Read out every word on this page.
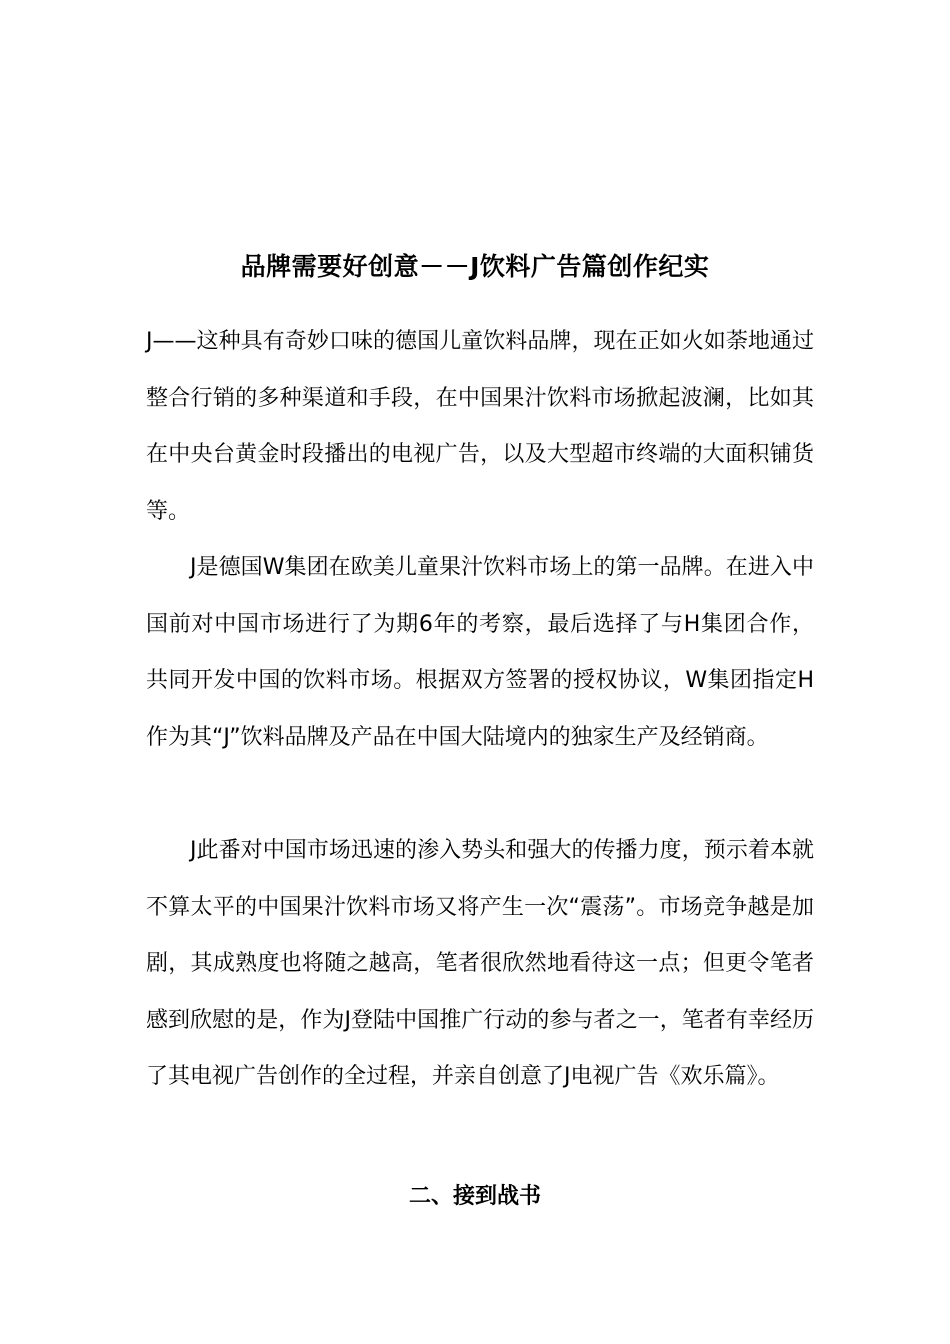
品牌需要好创意－－J饮料广告篇创作纪实

J——这种具有奇妙口味的德国儿童饮料品牌，现在正如火如荼地通过整合行销的多种渠道和手段，在中国果汁饮料市场掀起波澜，比如其在中央台黄金时段播出的电视广告，以及大型超市终端的大面积铺货等。

J是德国W集团在欧美儿童果汁饮料市场上的第一品牌。在进入中国前对中国市场进行了为期6年的考察，最后选择了与H集团合作，共同开发中国的饮料市场。根据双方签署的授权协议，W集团指定H作为其“J”饮料品牌及产品在中国大陆境内的独家生产及经销商。

J此番对中国市场迅速的渗入势头和强大的传播力度，预示着本就不算太平的中国果汁饮料市场又将产生一次“震荡”。市场竞争越是加剧，其成熟度也将随之越高，笔者很欣然地看待这一点；但更令笔者感到欣慰的是，作为J登陆中国推广行动的参与者之一，笔者有幸经历了其电视广告创作的全过程，并亲自创意了J电视广告《欢乐篇》。

二、接到战书
